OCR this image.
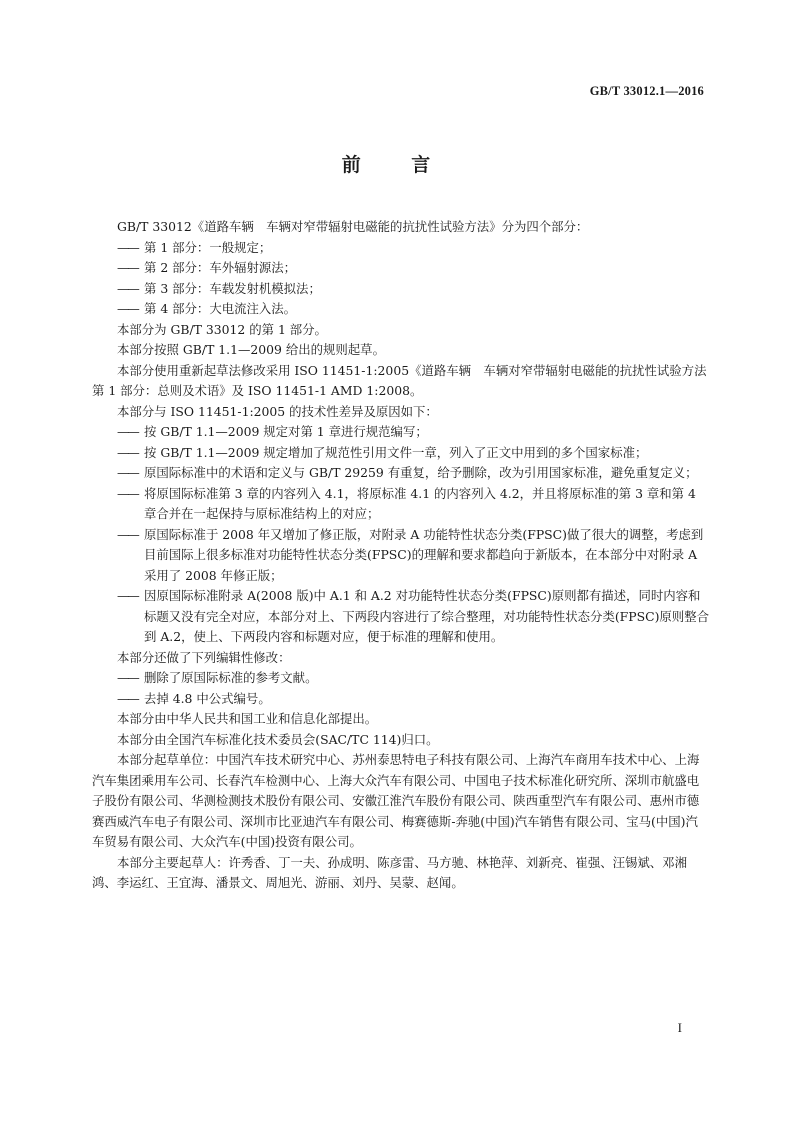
GB/T 33012.1—2016
前 言

GB/T 33012《道路车辆　车辆对窄带辐射电磁能的抗扰性试验方法》分为四个部分：

—— 第 1 部分：一般规定；

—— 第 2 部分：车外辐射源法；

—— 第 3 部分：车载发射机模拟法；

—— 第 4 部分：大电流注入法。

本部分为 GB/T 33012 的第 1 部分。

本部分按照 GB/T 1.1—2009 给出的规则起草。

本部分使用重新起草法修改采用 ISO 11451-1:2005《道路车辆　车辆对窄带辐射电磁能的抗扰性试验方法　第 1 部分：总则及术语》及 ISO 11451-1 AMD 1:2008。

本部分与 ISO 11451-1:2005 的技术性差异及原因如下：

—— 按 GB/T 1.1—2009 规定对第 1 章进行规范编写；

—— 按 GB/T 1.1—2009 规定增加了规范性引用文件一章，列入了正文中用到的多个国家标准；

—— 原国际标准中的术语和定义与 GB/T 29259 有重复，给予删除，改为引用国家标准，避免重复定义；

—— 将原国际标准第 3 章的内容列入 4.1，将原标准 4.1 的内容列入 4.2，并且将原标准的第 3 章和第 4 章合并在一起保持与原标准结构上的对应；

—— 原国际标准于 2008 年又增加了修正版，对附录 A 功能特性状态分类(FPSC)做了很大的调整，考虑到目前国际上很多标准对功能特性状态分类(FPSC)的理解和要求都趋向于新版本，在本部分中对附录 A 采用了 2008 年修正版；

—— 因原国际标准附录 A(2008 版)中 A.1 和 A.2 对功能特性状态分类(FPSC)原则都有描述，同时内容和标题又没有完全对应，本部分对上、下两段内容进行了综合整理，对功能特性状态分类(FPSC)原则整合到 A.2，使上、下两段内容和标题对应，便于标准的理解和使用。

本部分还做了下列编辑性修改：

—— 删除了原国际标准的参考文献。

—— 去掉 4.8 中公式编号。

本部分由中华人民共和国工业和信息化部提出。

本部分由全国汽车标准化技术委员会(SAC/TC 114)归口。

本部分起草单位：中国汽车技术研究中心、苏州泰思特电子科技有限公司、上海汽车商用车技术中心、上海汽车集团乘用车公司、长春汽车检测中心、上海大众汽车有限公司、中国电子技术标准化研究所、深圳市航盛电子股份有限公司、华测检测技术股份有限公司、安徽江淮汽车股份有限公司、陕西重型汽车有限公司、惠州市德赛西威汽车电子有限公司、深圳市比亚迪汽车有限公司、梅赛德斯-奔驰(中国)汽车销售有限公司、宝马(中国)汽车贸易有限公司、大众汽车(中国)投资有限公司。

本部分主要起草人：许秀香、丁一夫、孙成明、陈彦雷、马方驰、林艳萍、刘新亮、崔强、汪锡斌、邓湘鸿、李运红、王宜海、潘景文、周旭光、游丽、刘丹、吴蒙、赵闻。

I
